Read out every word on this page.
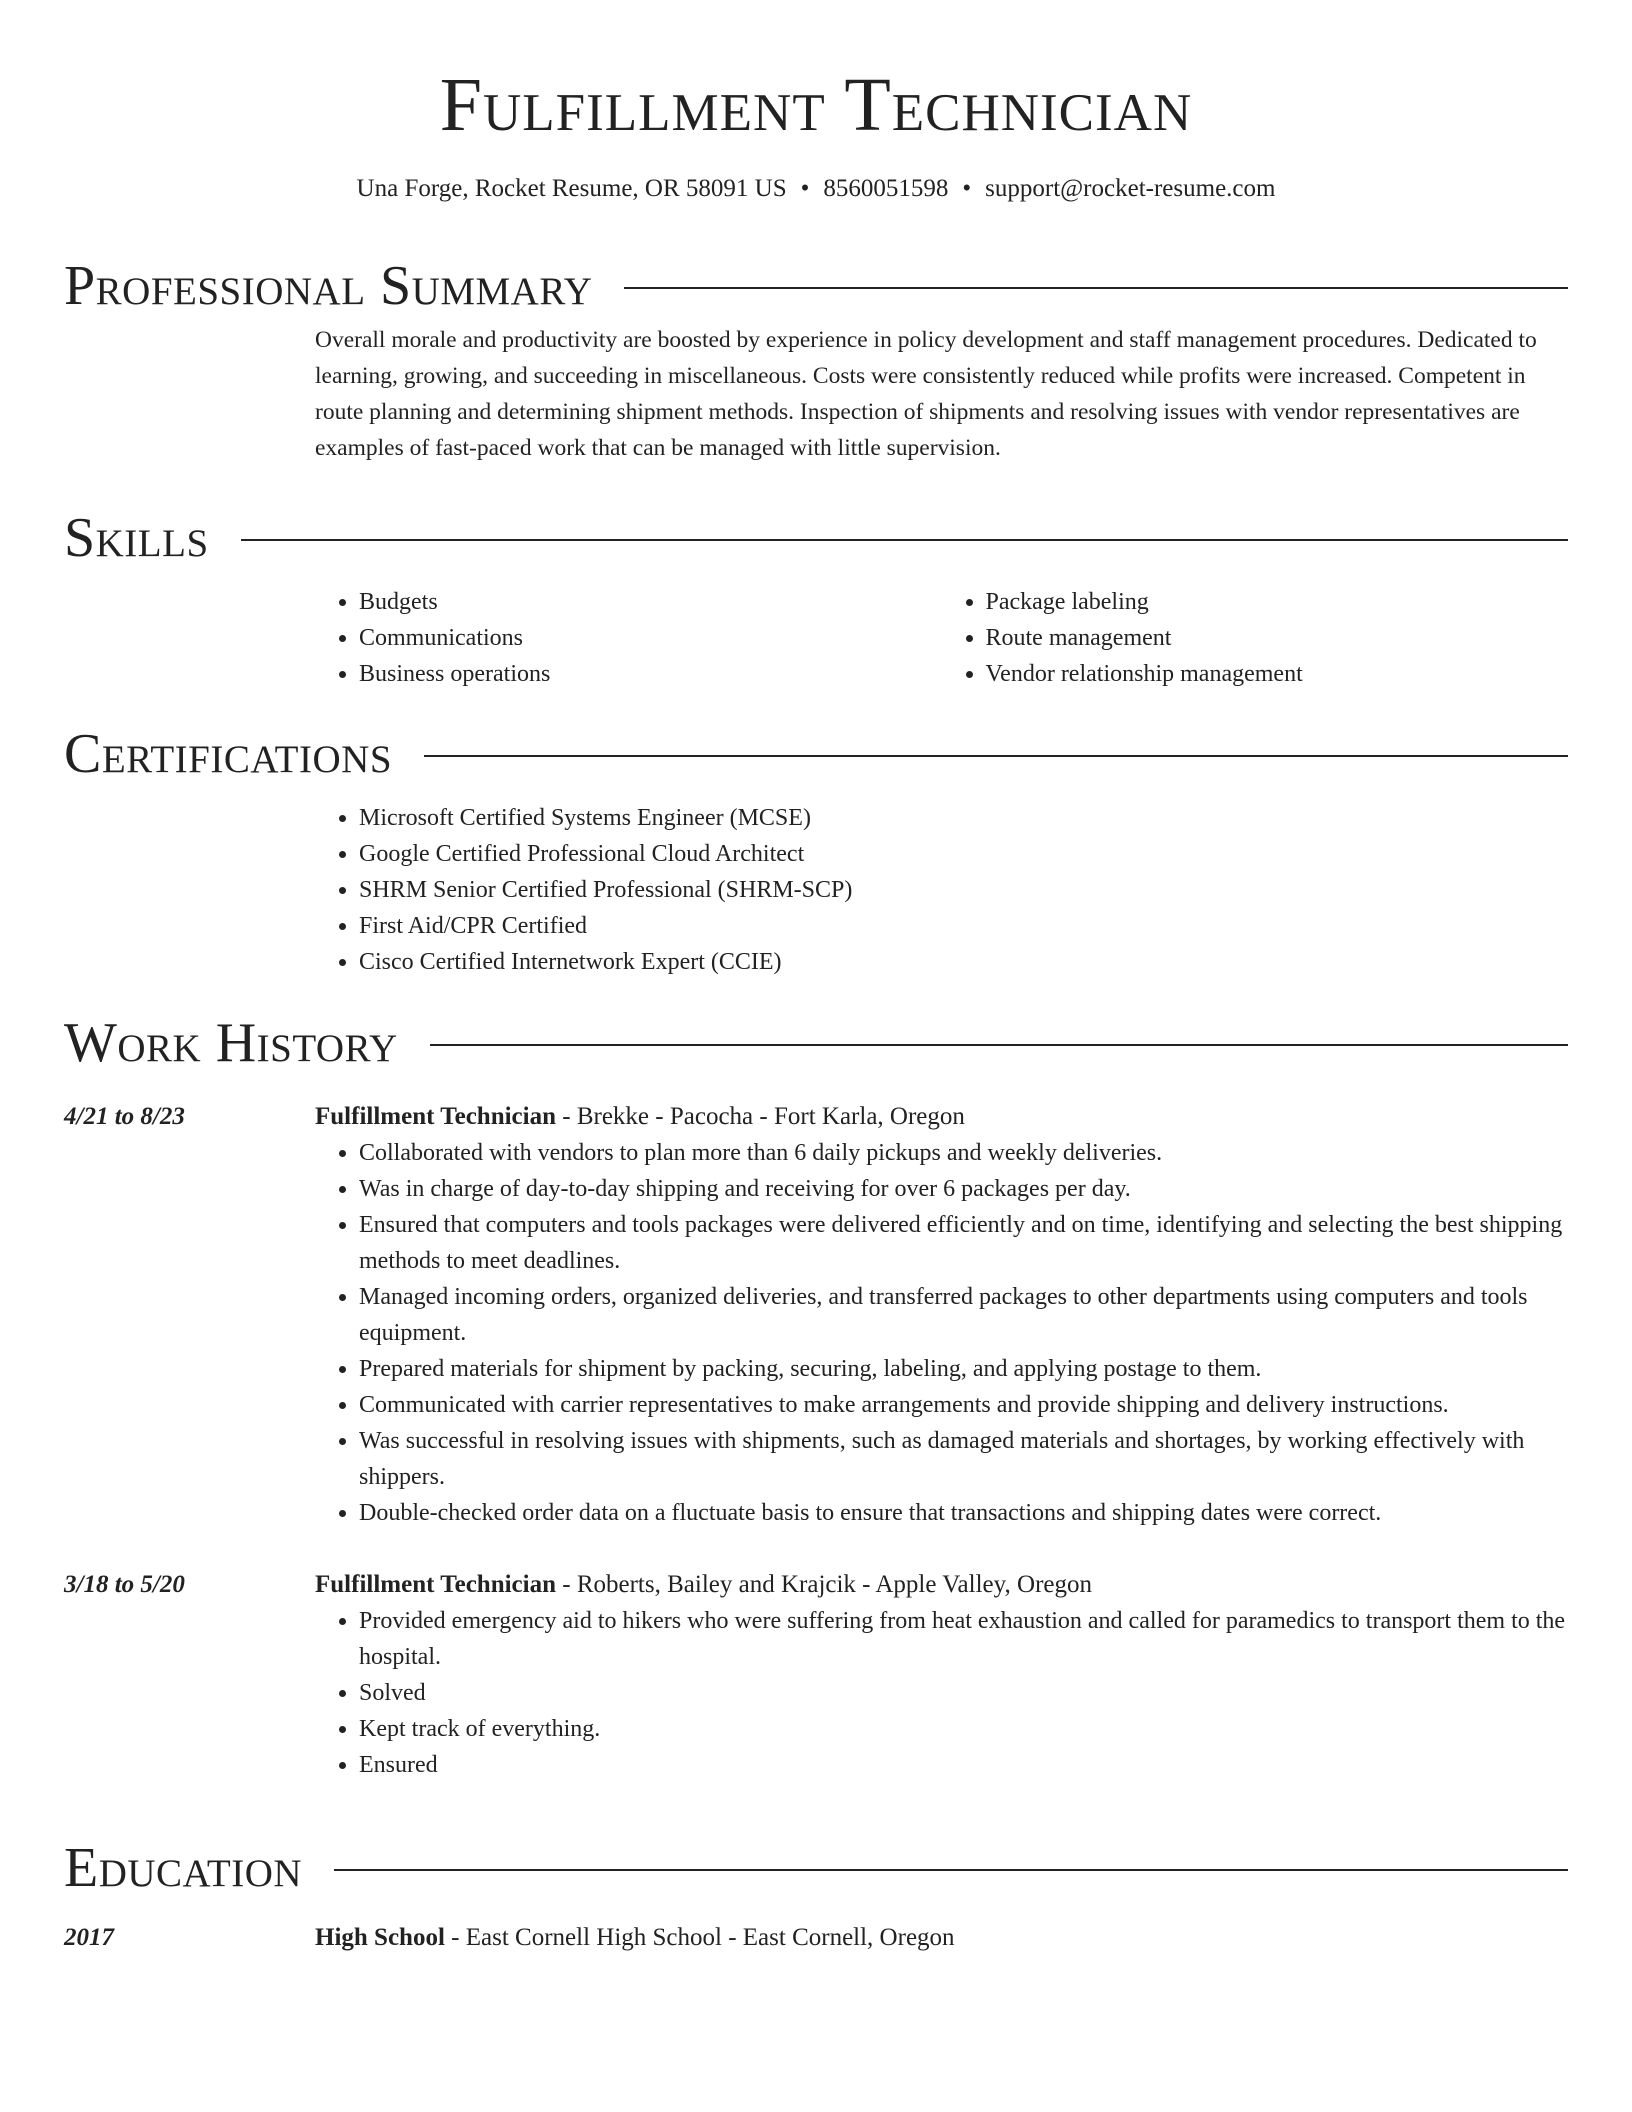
Fulfillment Technician
Una Forge, Rocket Resume, OR 58091 US • 8560051598 • support@rocket-resume.com
Professional Summary
Overall morale and productivity are boosted by experience in policy development and staff management procedures. Dedicated to learning, growing, and succeeding in miscellaneous. Costs were consistently reduced while profits were increased. Competent in route planning and determining shipment methods. Inspection of shipments and resolving issues with vendor representatives are examples of fast-paced work that can be managed with little supervision.
Skills
• Budgets
• Communications
• Business operations
• Package labeling
• Route management
• Vendor relationship management
Certifications
• Microsoft Certified Systems Engineer (MCSE)
• Google Certified Professional Cloud Architect
• SHRM Senior Certified Professional (SHRM-SCP)
• First Aid/CPR Certified
• Cisco Certified Internetwork Expert (CCIE)
Work History
4/21 to 8/23	Fulfillment Technician - Brekke - Pacocha - Fort Karla, Oregon
• Collaborated with vendors to plan more than 6 daily pickups and weekly deliveries.
• Was in charge of day-to-day shipping and receiving for over 6 packages per day.
• Ensured that computers and tools packages were delivered efficiently and on time, identifying and selecting the best shipping methods to meet deadlines.
• Managed incoming orders, organized deliveries, and transferred packages to other departments using computers and tools equipment.
• Prepared materials for shipment by packing, securing, labeling, and applying postage to them.
• Communicated with carrier representatives to make arrangements and provide shipping and delivery instructions.
• Was successful in resolving issues with shipments, such as damaged materials and shortages, by working effectively with shippers.
• Double-checked order data on a fluctuate basis to ensure that transactions and shipping dates were correct.
3/18 to 5/20	Fulfillment Technician - Roberts, Bailey and Krajcik - Apple Valley, Oregon
• Provided emergency aid to hikers who were suffering from heat exhaustion and called for paramedics to transport them to the hospital.
• Solved
• Kept track of everything.
• Ensured
Education
2017	High School - East Cornell High School - East Cornell, Oregon
